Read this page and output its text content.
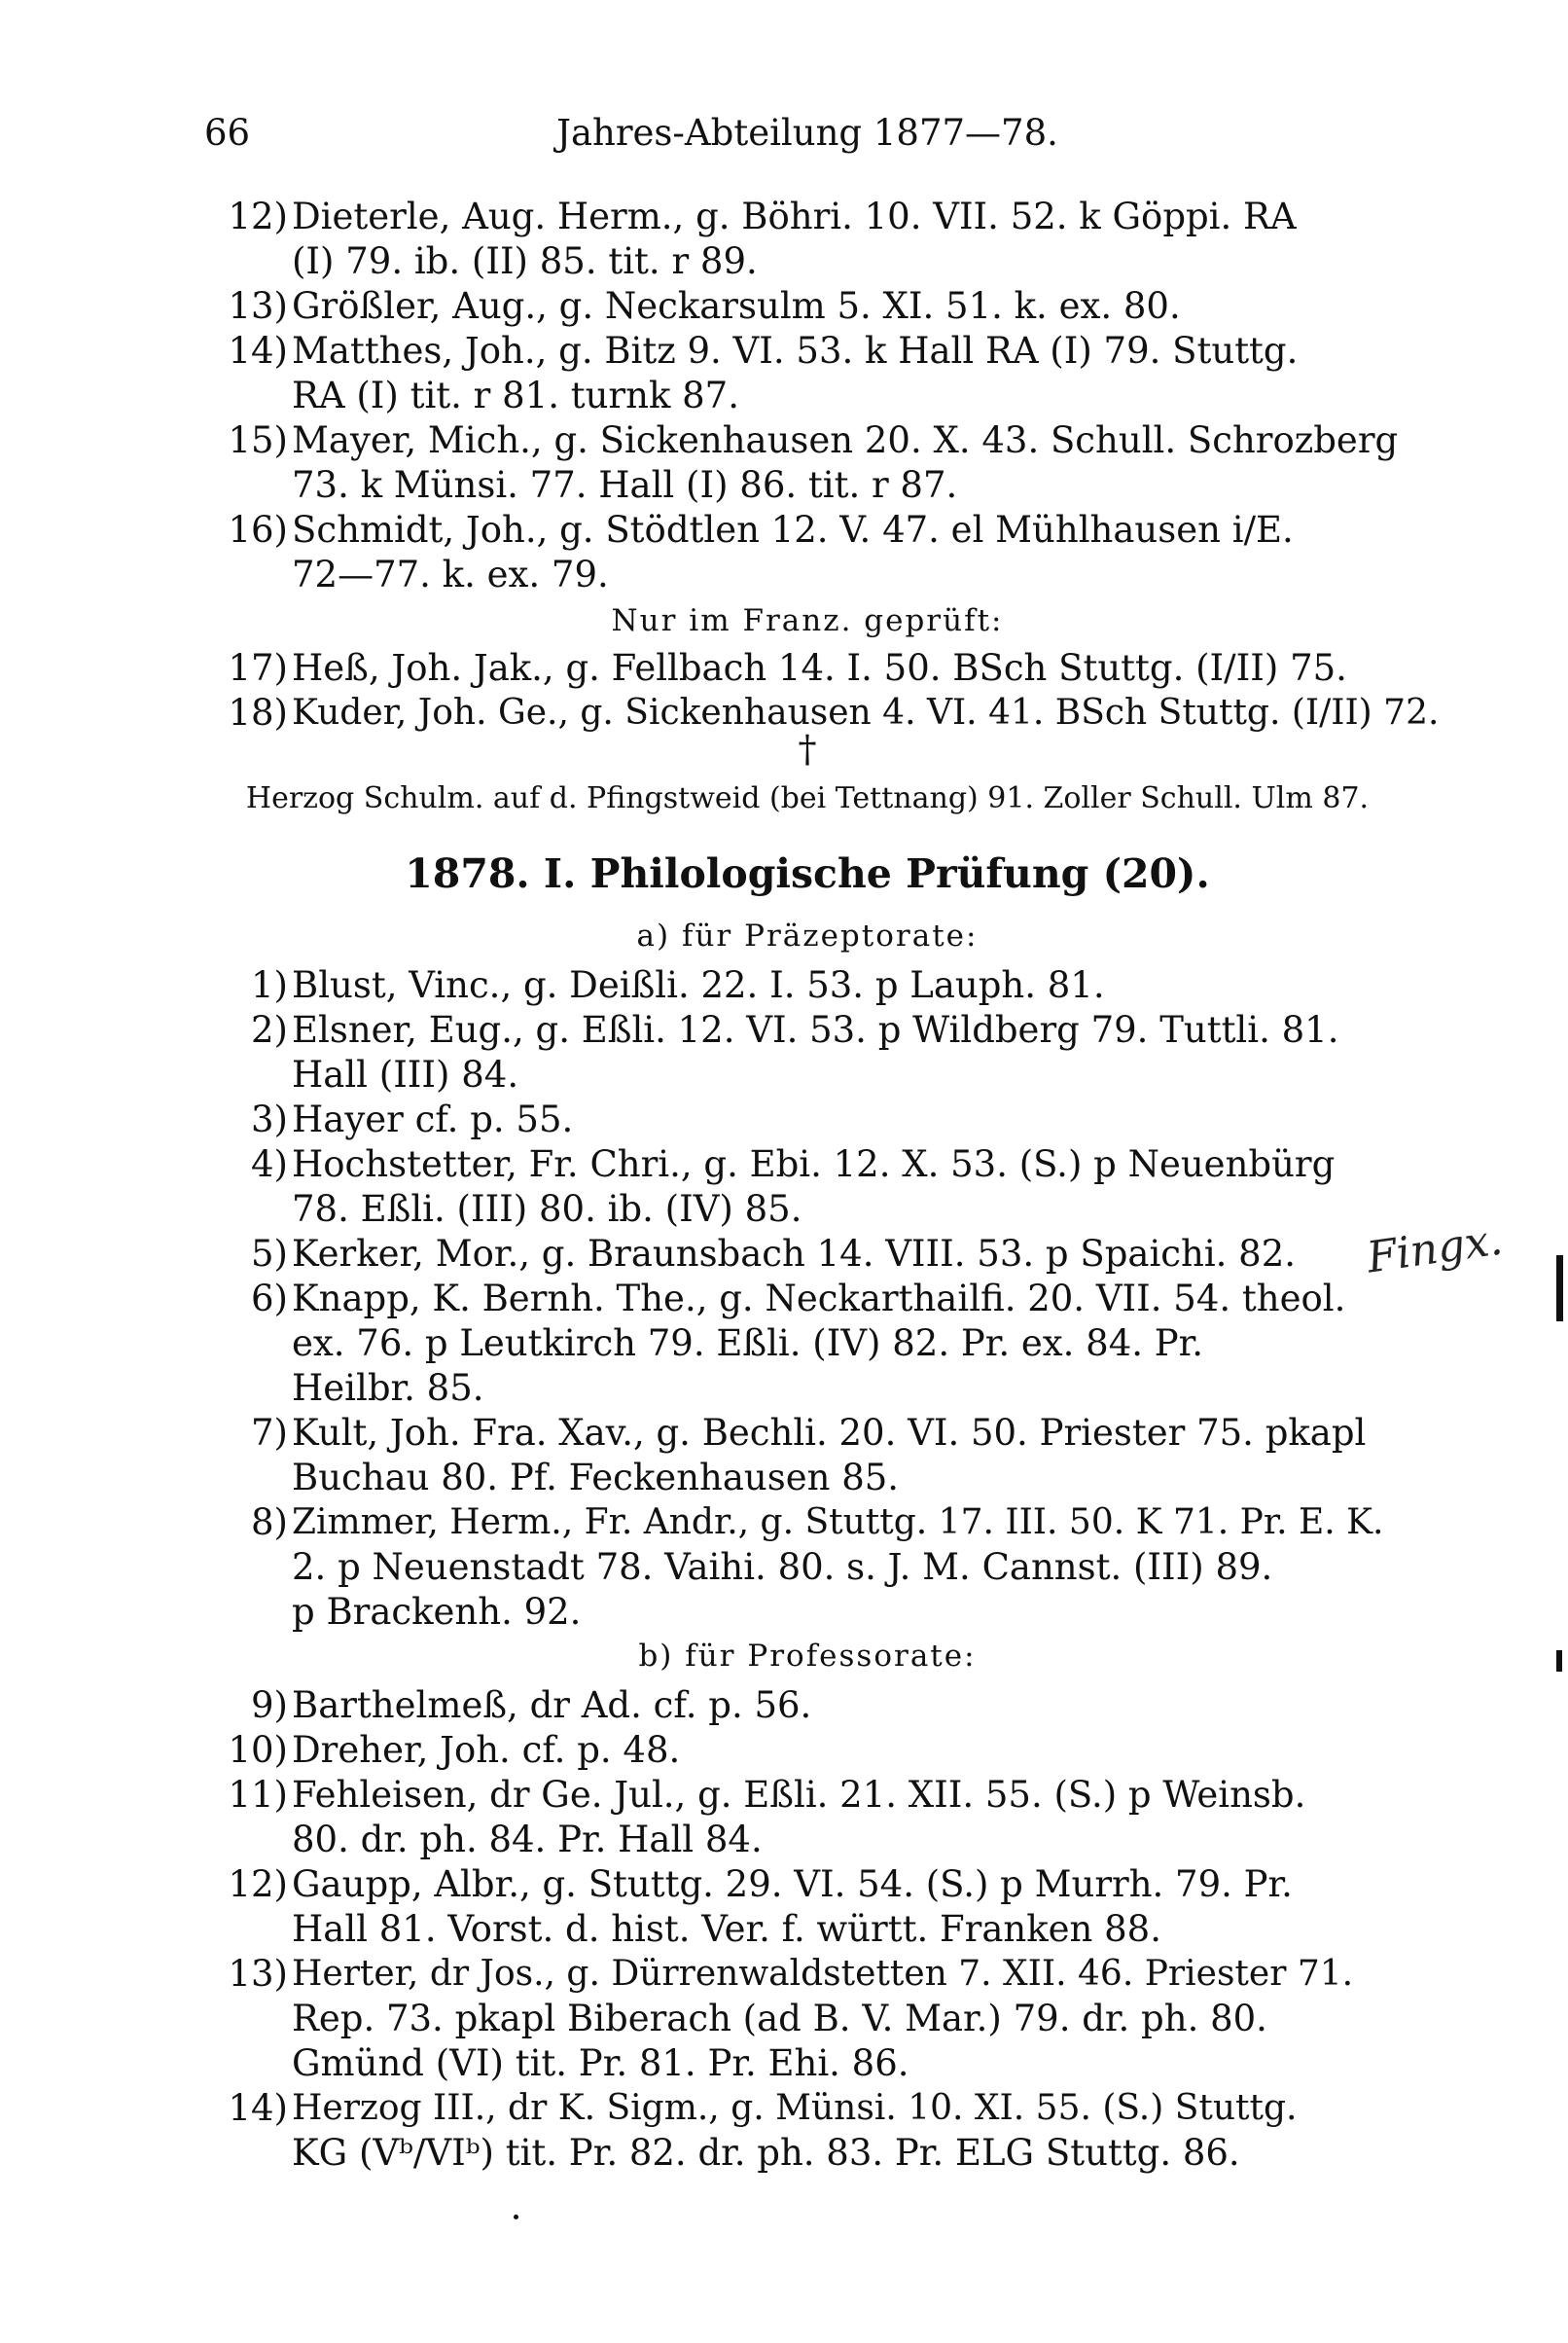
66	Jahres-Abteilung 1877—78.
12) Dieterle, Aug. Herm., g. Böhri. 10. VII. 52. k Göppi. RA
(I) 79. ib. (II) 85. tit. r 89.
13) Größler, Aug., g. Neckarsulm 5. XI. 51. k. ex. 80.
14) Matthes, Joh., g. Bitz 9. VI. 53. k Hall RA (I) 79. Stuttg.
RA (I) tit. r 81. turnk 87.
15) Mayer, Mich., g. Sickenhausen 20. X. 43. Schull. Schrozberg
73. k Münsi. 77. Hall (I) 86. tit. r 87.
16) Schmidt, Joh., g. Stödtlen 12. V. 47. el Mühlhausen i/E.
72—77. k. ex. 79.
Nur im Franz. geprüft:
17) Heß, Joh. Jak., g. Fellbach 14. I. 50. BSch Stuttg. (I/II) 75.
18) Kuder, Joh. Ge., g. Sickenhausen 4. VI. 41. BSch Stuttg. (I/II) 72.
†
Herzog Schulm. auf d. Pfingstweid (bei Tettnang) 91. Zoller Schull. Ulm 87.
1878. I. Philologische Prüfung (20).
a) für Präzeptorate:
1) Blust, Vinc., g. Deißli. 22. I. 53. p Lauph. 81.
2) Elsner, Eug., g. Eßli. 12. VI. 53. p Wildberg 79. Tuttli. 81.
Hall (III) 84.
3) Hayer cf. p. 55.
4) Hochstetter, Fr. Chri., g. Ebi. 12. X. 53. (S.) p Neuenbürg
78. Eßli. (III) 80. ib. (IV) 85.
5) Kerker, Mor., g. Braunsbach 14. VIII. 53. p Spaichi. 82.
6) Knapp, K. Bernh. The., g. Neckarthailfi. 20. VII. 54. theol.
ex. 76. p Leutkirch 79. Eßli. (IV) 82. Pr. ex. 84. Pr.
Heilbr. 85.
7) Kult, Joh. Fra. Xav., g. Bechli. 20. VI. 50. Priester 75. pkapl
Buchau 80. Pf. Feckenhausen 85.
8) Zimmer, Herm., Fr. Andr., g. Stuttg. 17. III. 50. K 71. Pr. E. K.
2. p Neuenstadt 78. Vaihi. 80. s. J. M. Cannst. (III) 89.
p Brackenh. 92.
b) für Professorate:
9) Barthelmeß, dr Ad. cf. p. 56.
10) Dreher, Joh. cf. p. 48.
11) Fehleisen, dr Ge. Jul., g. Eßli. 21. XII. 55. (S.) p Weinsb.
80. dr. ph. 84. Pr. Hall 84.
12) Gaupp, Albr., g. Stuttg. 29. VI. 54. (S.) p Murrh. 79. Pr.
Hall 81. Vorst. d. hist. Ver. f. württ. Franken 88.
13) Herter, dr Jos., g. Dürrenwaldstetten 7. XII. 46. Priester 71.
Rep. 73. pkapl Biberach (ad B. V. Mar.) 79. dr. ph. 80.
Gmünd (VI) tit. Pr. 81. Pr. Ehi. 86.
14) Herzog III., dr K. Sigm., g. Münsi. 10. XI. 55. (S.) Stuttg.
KG (Vᵇ/VIᵇ) tit. Pr. 82. dr. ph. 83. Pr. ELG Stuttg. 86.
Fingx.
